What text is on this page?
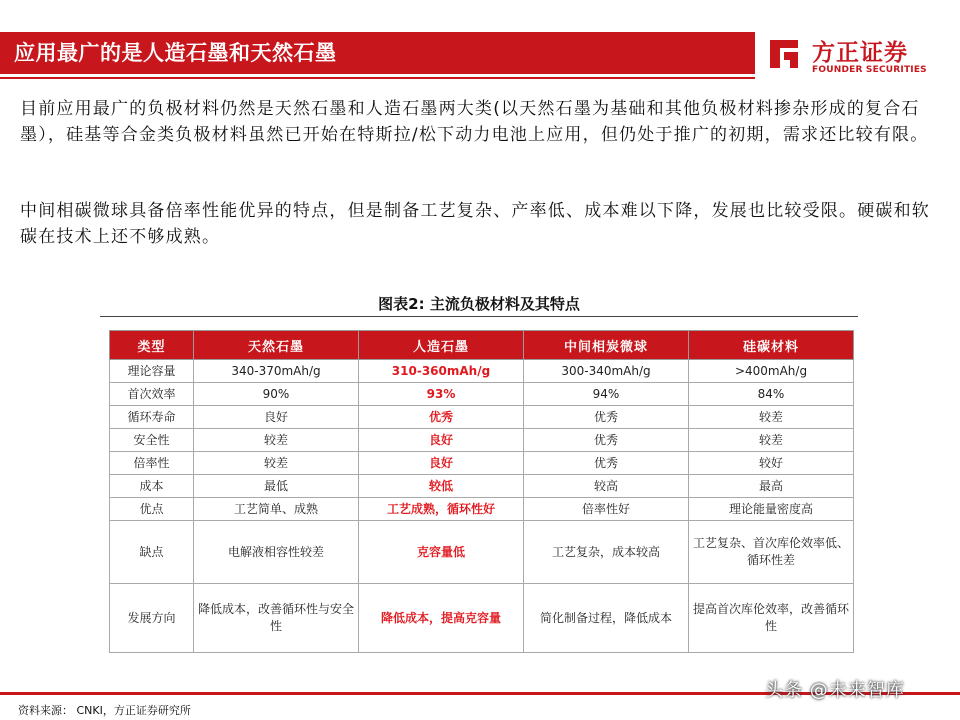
应用最广的是人造石墨和天然石墨	方正证券
FOUNDER SECURITIES
目前应用最广的负极材料仍然是天然石墨和人造石墨两大类(以天然石墨为基础和其他负极材料掺杂形成的复合石墨），硅基等合金类负极材料虽然已开始在特斯拉/松下动力电池上应用，但仍处于推广的初期，需求还比较有限。
中间相碳微球具备倍率性能优异的特点，但是制备工艺复杂、产率低、成本难以下降，发展也比较受限。硬碳和软碳在技术上还不够成熟。
图表2: 主流负极材料及其特点
类型	天然石墨	人造石墨	中间相炭微球	硅碳材料
理论容量	340-370mAh/g	310-360mAh/g	300-340mAh/g	>400mAh/g
首次效率	90%	93%	94%	84%
循环寿命	良好	优秀	优秀	较差
安全性	较差	良好	优秀	较差
倍率性	较差	良好	优秀	较好
成本	最低	较低	较高	最高
优点	工艺简单、成熟	工艺成熟，循环性好	倍率性好	理论能量密度高
缺点	电解液相容性较差	克容量低	工艺复杂，成本较高	工艺复杂、首次库伦效率低、循环性差
发展方向	降低成本，改善循环性与安全性	降低成本，提高克容量	简化制备过程，降低成本	提高首次库伦效率，改善循环性
资料来源： CNKI，方正证券研究所
头条 @未来智库
